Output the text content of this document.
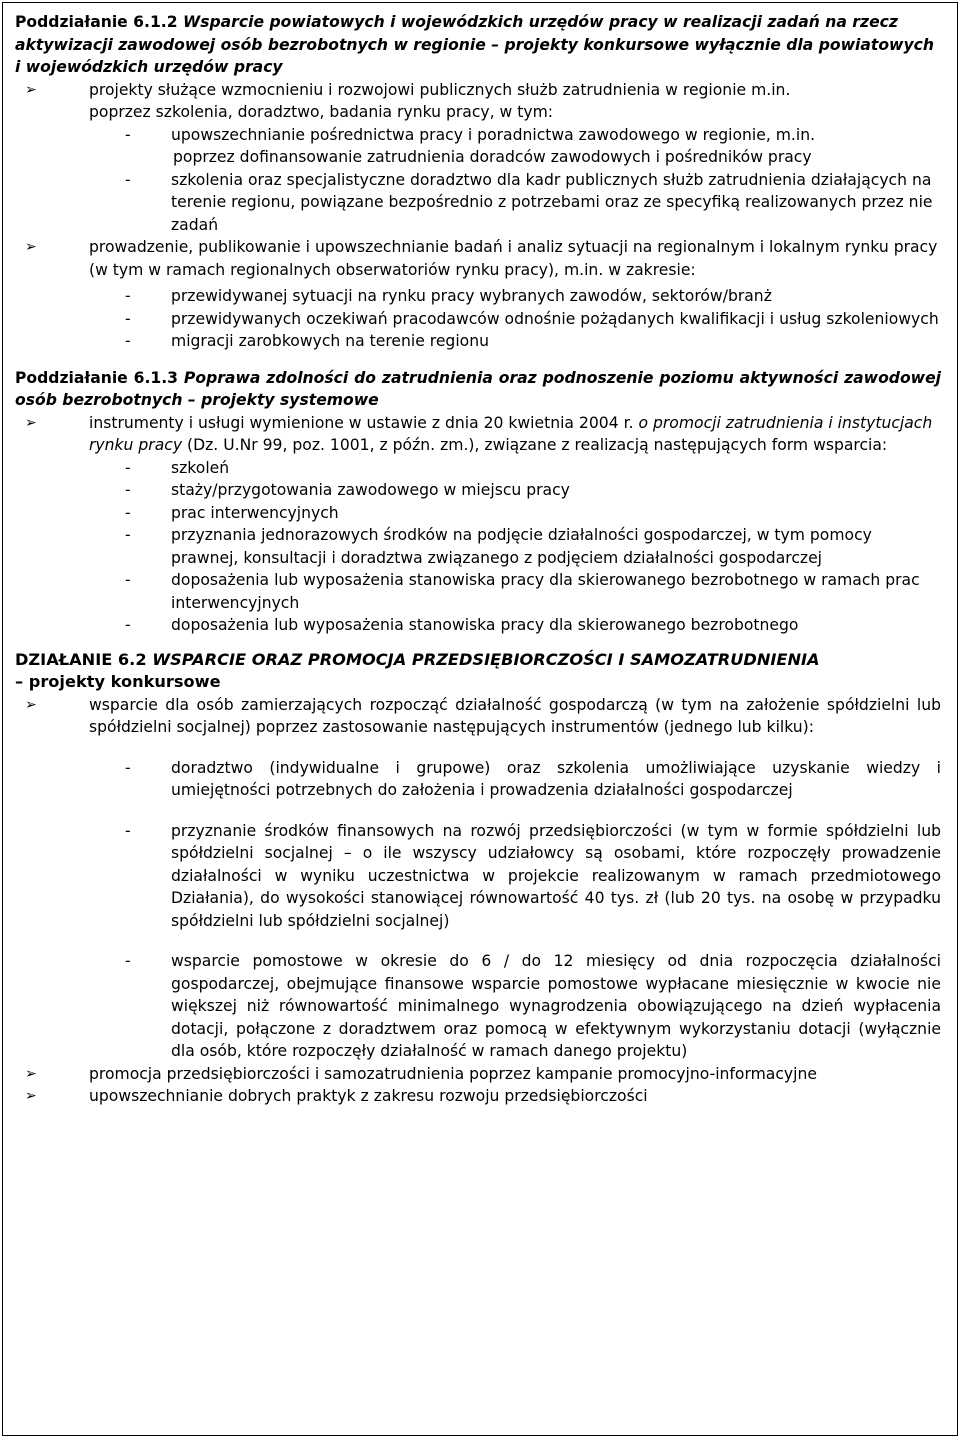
Poddziałanie 6.1.2 Wsparcie powiatowych i wojewódzkich urzędów pracy w realizacji zadań na rzecz aktywizacji zawodowej osób bezrobotnych w regionie – projekty konkursowe wyłącznie dla powiatowych i wojewódzkich urzędów pracy

➢	projekty służące wzmocnieniu i rozwojowi publicznych służb zatrudnienia w regionie m.in.
poprzez szkolenia, doradztwo, badania rynku pracy, w tym:
-	upowszechnianie pośrednictwa pracy i poradnictwa zawodowego w regionie, m.in.
poprzez dofinansowanie zatrudnienia doradców zawodowych i pośredników pracy
-	szkolenia oraz specjalistyczne doradztwo dla kadr publicznych służb zatrudnienia działających na terenie regionu, powiązane bezpośrednio z potrzebami oraz ze specyfiką realizowanych przez nie zadań
➢	prowadzenie, publikowanie i upowszechnianie badań i analiz sytuacji na regionalnym i lokalnym rynku pracy (w tym w ramach regionalnych obserwatoriów rynku pracy), m.in. w zakresie:
-	przewidywanej sytuacji na rynku pracy wybranych zawodów, sektorów/branż
-	przewidywanych oczekiwań pracodawców odnośnie pożądanych kwalifikacji i usług szkoleniowych
-	migracji zarobkowych na terenie regionu

Poddziałanie 6.1.3 Poprawa zdolności do zatrudnienia oraz podnoszenie poziomu aktywności zawodowej osób bezrobotnych – projekty systemowe

➢	instrumenty i usługi wymienione w ustawie z dnia 20 kwietnia 2004 r. o promocji zatrudnienia i instytucjach rynku pracy (Dz. U.Nr 99, poz. 1001, z późn. zm.), związane z realizacją następujących form wsparcia:
-	szkoleń
-	staży/przygotowania zawodowego w miejscu pracy
-	prac interwencyjnych
-	przyznania jednorazowych środków na podjęcie działalności gospodarczej, w tym pomocy prawnej, konsultacji i doradztwa związanego z podjęciem działalności gospodarczej
-	doposażenia lub wyposażenia stanowiska pracy dla skierowanego bezrobotnego w ramach prac interwencyjnych
-	doposażenia lub wyposażenia stanowiska pracy dla skierowanego bezrobotnego

DZIAŁANIE 6.2 WSPARCIE ORAZ PROMOCJA PRZEDSIĘBIORCZOŚCI I SAMOZATRUDNIENIA

– projekty konkursowe

➢	wsparcie dla osób zamierzających rozpocząć działalność gospodarczą (w tym na założenie spółdzielni lub spółdzielni socjalnej) poprzez zastosowanie następujących instrumentów (jednego lub kilku):
-	doradztwo (indywidualne i grupowe) oraz szkolenia umożliwiające uzyskanie wiedzy i umiejętności potrzebnych do założenia i prowadzenia działalności gospodarczej
-	przyznanie środków finansowych na rozwój przedsiębiorczości (w tym w formie spółdzielni lub spółdzielni socjalnej – o ile wszyscy udziałowcy są osobami, które rozpoczęły prowadzenie działalności w wyniku uczestnictwa w projekcie realizowanym w ramach przedmiotowego Działania), do wysokości stanowiącej równowartość 40 tys. zł (lub 20 tys. na osobę w przypadku spółdzielni lub spółdzielni socjalnej)
-	wsparcie pomostowe w okresie do 6 / do 12 miesięcy od dnia rozpoczęcia działalności gospodarczej, obejmujące finansowe wsparcie pomostowe wypłacane miesięcznie w kwocie nie większej niż równowartość minimalnego wynagrodzenia obowiązującego na dzień wypłacenia dotacji, połączone z doradztwem oraz pomocą w efektywnym wykorzystaniu dotacji (wyłącznie dla osób, które rozpoczęły działalność w ramach danego projektu)
➢	promocja przedsiębiorczości i samozatrudnienia poprzez kampanie promocyjno-informacyjne
➢	upowszechnianie dobrych praktyk z zakresu rozwoju przedsiębiorczości
